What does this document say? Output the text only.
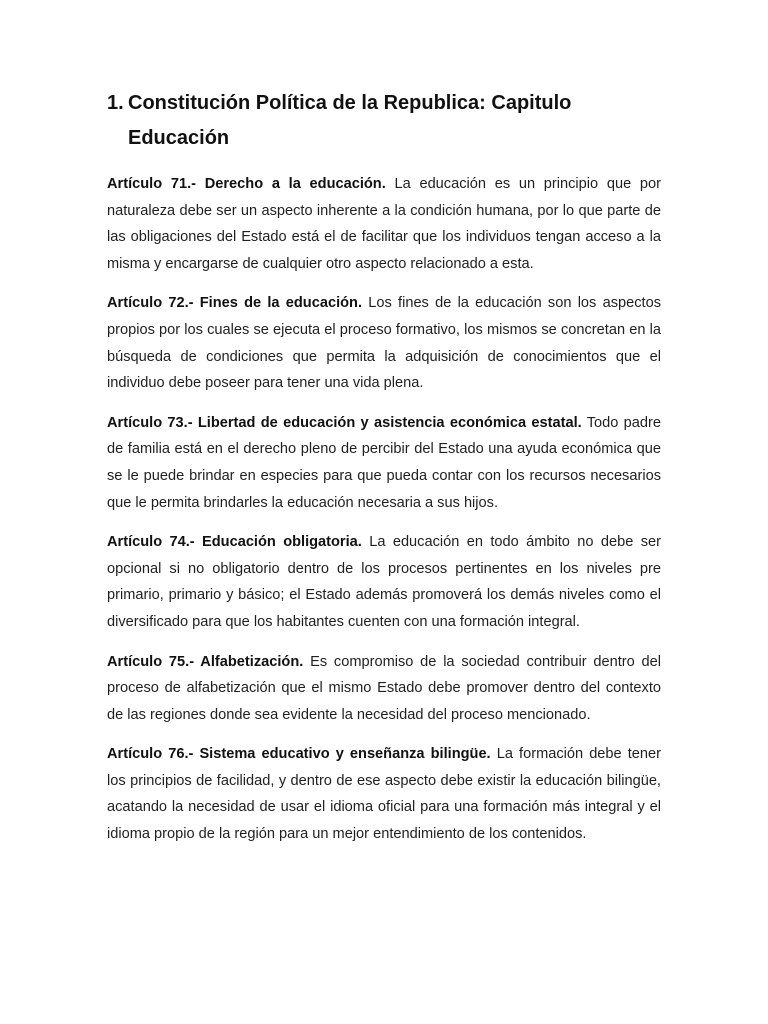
1. Constitución Política de la Republica: Capitulo
Educación

Artículo 71.- Derecho a la educación. La educación es un principio que por naturaleza debe ser un aspecto inherente a la condición humana, por lo que parte de las obligaciones del Estado está el de facilitar que los individuos tengan acceso a la misma y encargarse de cualquier otro aspecto relacionado a esta.

Artículo 72.- Fines de la educación. Los fines de la educación son los aspectos propios por los cuales se ejecuta el proceso formativo, los mismos se concretan en la búsqueda de condiciones que permita la adquisición de conocimientos que el individuo debe poseer para tener una vida plena.

Artículo 73.- Libertad de educación y asistencia económica estatal. Todo padre de familia está en el derecho pleno de percibir del Estado una ayuda económica que se le puede brindar en especies para que pueda contar con los recursos necesarios que le permita brindarles la educación necesaria a sus hijos.

Artículo 74.- Educación obligatoria. La educación en todo ámbito no debe ser opcional si no obligatorio dentro de los procesos pertinentes en los niveles pre primario, primario y básico; el Estado además promoverá los demás niveles como el diversificado para que los habitantes cuenten con una formación integral.

Artículo 75.- Alfabetización. Es compromiso de la sociedad contribuir dentro del proceso de alfabetización que el mismo Estado debe promover dentro del contexto de las regiones donde sea evidente la necesidad del proceso mencionado.

Artículo 76.- Sistema educativo y enseñanza bilingüe. La formación debe tener los principios de facilidad, y dentro de ese aspecto debe existir la educación bilingüe, acatando la necesidad de usar el idioma oficial para una formación más integral y el idioma propio de la región para un mejor entendimiento de los contenidos.
